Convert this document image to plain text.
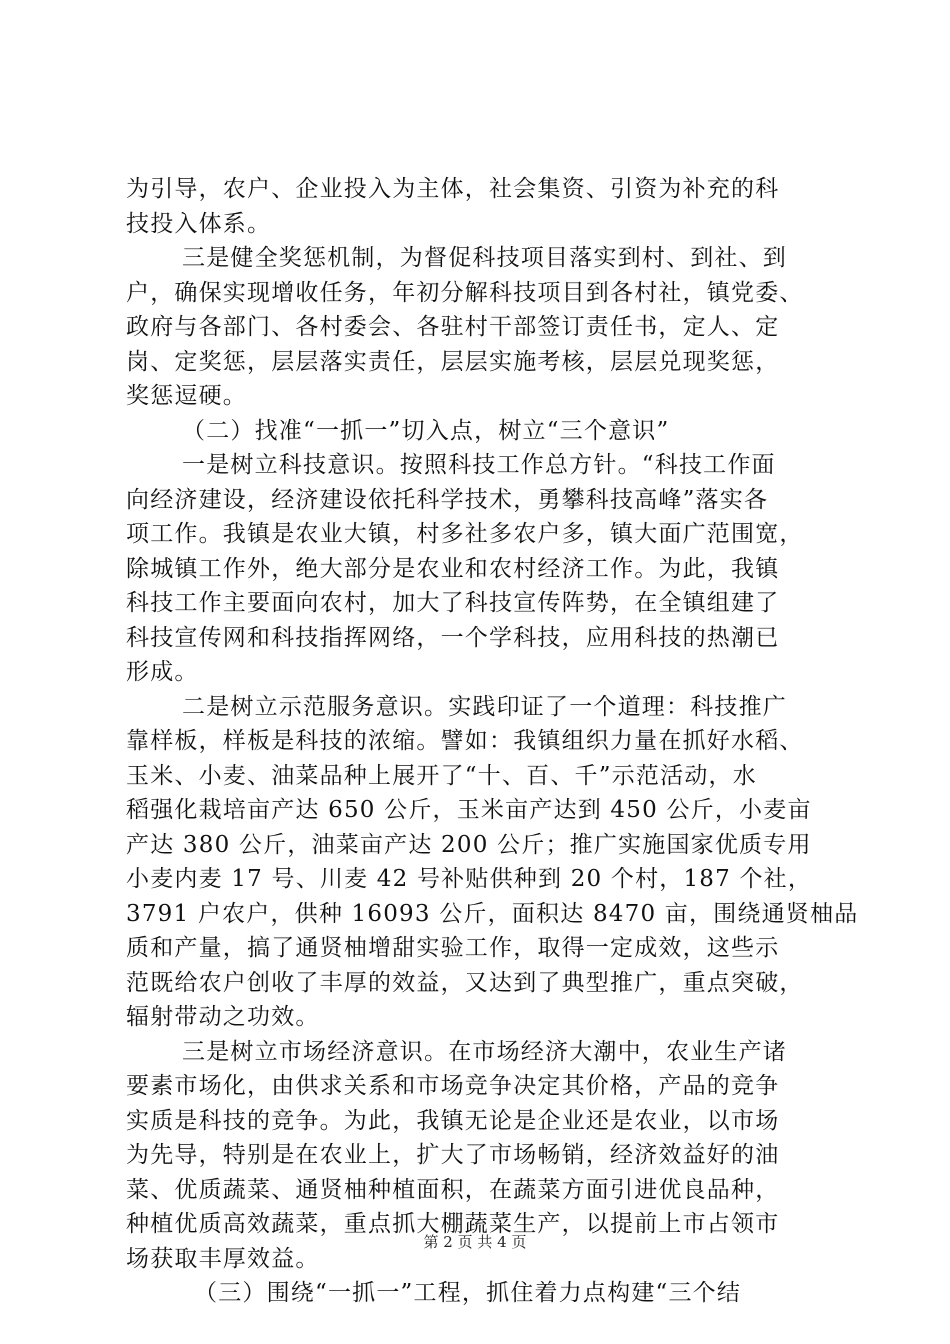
为引导，农户、企业投入为主体，社会集资、引资为补充的科
技投入体系。
三是健全奖惩机制，为督促科技项目落实到村、到社、到
户，确保实现增收任务，年初分解科技项目到各村社，镇党委、
政府与各部门、各村委会、各驻村干部签订责任书，定人、定
岗、定奖惩，层层落实责任，层层实施考核，层层兑现奖惩，
奖惩逗硬。
（二）找准“一抓一”切入点，树立“三个意识”
一是树立科技意识。按照科技工作总方针。“科技工作面
向经济建设，经济建设依托科学技术，勇攀科技高峰”落实各
项工作。我镇是农业大镇，村多社多农户多，镇大面广范围宽，
除城镇工作外，绝大部分是农业和农村经济工作。为此，我镇
科技工作主要面向农村，加大了科技宣传阵势，在全镇组建了
科技宣传网和科技指挥网络，一个学科技，应用科技的热潮已
形成。
二是树立示范服务意识。实践印证了一个道理：科技推广
靠样板，样板是科技的浓缩。譬如：我镇组织力量在抓好水稻、
玉米、小麦、油菜品种上展开了“十、百、千”示范活动，水
稻强化栽培亩产达 650 公斤，玉米亩产达到 450 公斤，小麦亩
产达 380 公斤，油菜亩产达 200 公斤；推广实施国家优质专用
小麦内麦 17 号、川麦 42 号补贴供种到 20 个村，187 个社，
3791 户农户，供种 16093 公斤，面积达 8470 亩，围绕通贤柚品
质和产量，搞了通贤柚增甜实验工作，取得一定成效，这些示
范既给农户创收了丰厚的效益，又达到了典型推广，重点突破，
辐射带动之功效。
三是树立市场经济意识。在市场经济大潮中，农业生产诸
要素市场化，由供求关系和市场竞争决定其价格，产品的竞争
实质是科技的竞争。为此，我镇无论是企业还是农业，以市场
为先导，特别是在农业上，扩大了市场畅销，经济效益好的油
菜、优质蔬菜、通贤柚种植面积，在蔬菜方面引进优良品种，
种植优质高效蔬菜，重点抓大棚蔬菜生产，以提前上市占领市
场获取丰厚效益。
（三）围绕“一抓一”工程，抓住着力点构建“三个结
第 2 页 共 4 页
